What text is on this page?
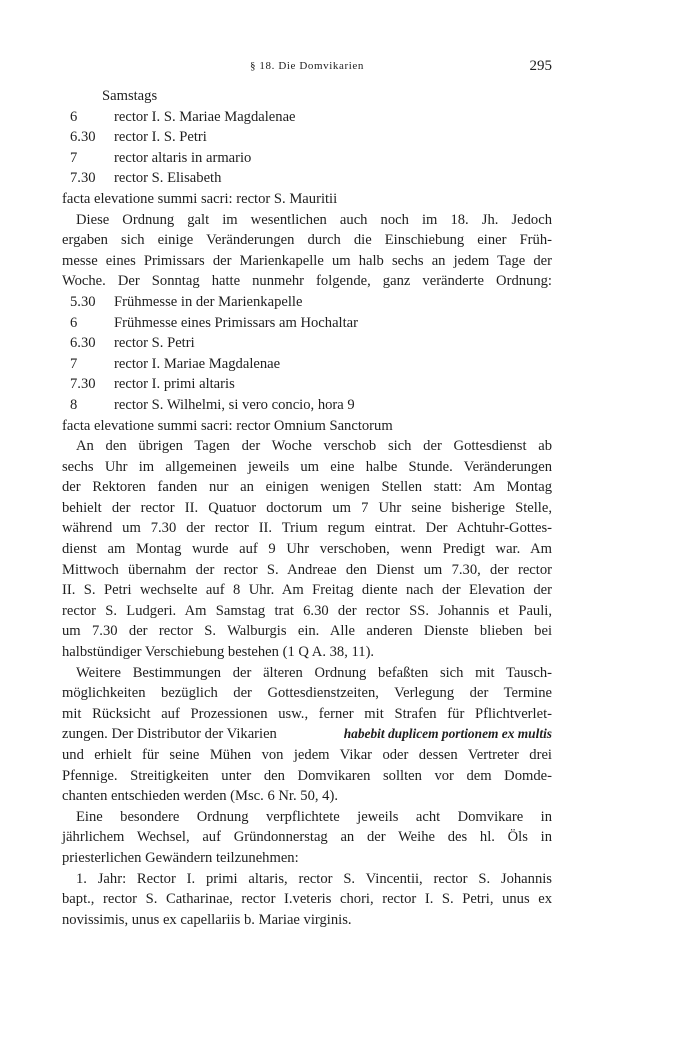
§ 18. Die Domvikarien	295
Samstags
6	rector I. S. Mariae Magdalenae
6.30	rector I. S. Petri
7	rector altaris in armario
7.30	rector S. Elisabeth
facta elevatione summi sacri: rector S. Mauritii
Diese Ordnung galt im wesentlichen auch noch im 18. Jh. Jedoch
ergaben sich einige Veränderungen durch die Einschiebung einer Früh-
messe eines Primissars der Marienkapelle um halb sechs an jedem Tage der
Woche. Der Sonntag hatte nunmehr folgende, ganz veränderte Ordnung:
5.30	Frühmesse in der Marienkapelle
6	Frühmesse eines Primissars am Hochaltar
6.30	rector S. Petri
7	rector I. Mariae Magdalenae
7.30	rector I. primi altaris
8	rector S. Wilhelmi, si vero concio, hora 9
facta elevatione summi sacri: rector Omnium Sanctorum
An den übrigen Tagen der Woche verschob sich der Gottesdienst ab
sechs Uhr im allgemeinen jeweils um eine halbe Stunde. Veränderungen
der Rektoren fanden nur an einigen wenigen Stellen statt: Am Montag
behielt der rector II. Quatuor doctorum um 7 Uhr seine bisherige Stelle,
während um 7.30 der rector II. Trium regum eintrat. Der Achtuhr-Gottes-
dienst am Montag wurde auf 9 Uhr verschoben, wenn Predigt war. Am
Mittwoch übernahm der rector S. Andreae den Dienst um 7.30, der rector
II. S. Petri wechselte auf 8 Uhr. Am Freitag diente nach der Elevation der
rector S. Ludgeri. Am Samstag trat 6.30 der rector SS. Johannis et Pauli,
um 7.30 der rector S. Walburgis ein. Alle anderen Dienste blieben bei
halbstündiger Verschiebung bestehen (1 Q A. 38, 11).
Weitere Bestimmungen der älteren Ordnung befaßten sich mit Tausch-
möglichkeiten bezüglich der Gottesdienstzeiten, Verlegung der Termine
mit Rücksicht auf Prozessionen usw., ferner mit Strafen für Pflichtverlet-
zungen. Der Distributor der Vikarien	habebit duplicem portionem ex multis
und erhielt für seine Mühen von jedem Vikar oder dessen Vertreter drei
Pfennige. Streitigkeiten unter den Domvikaren sollten vor dem Domde-
chanten entschieden werden (Msc. 6 Nr. 50, 4).
Eine besondere Ordnung verpflichtete jeweils acht Domvikare in
jährlichem Wechsel, auf Gründonnerstag an der Weihe des hl. Öls in
priesterlichen Gewändern teilzunehmen:
1. Jahr: Rector I. primi altaris, rector S. Vincentii, rector S. Johannis
bapt., rector S. Catharinae, rector I.veteris chori, rector I. S. Petri, unus ex
novissimis, unus ex capellariis b. Mariae virginis.
